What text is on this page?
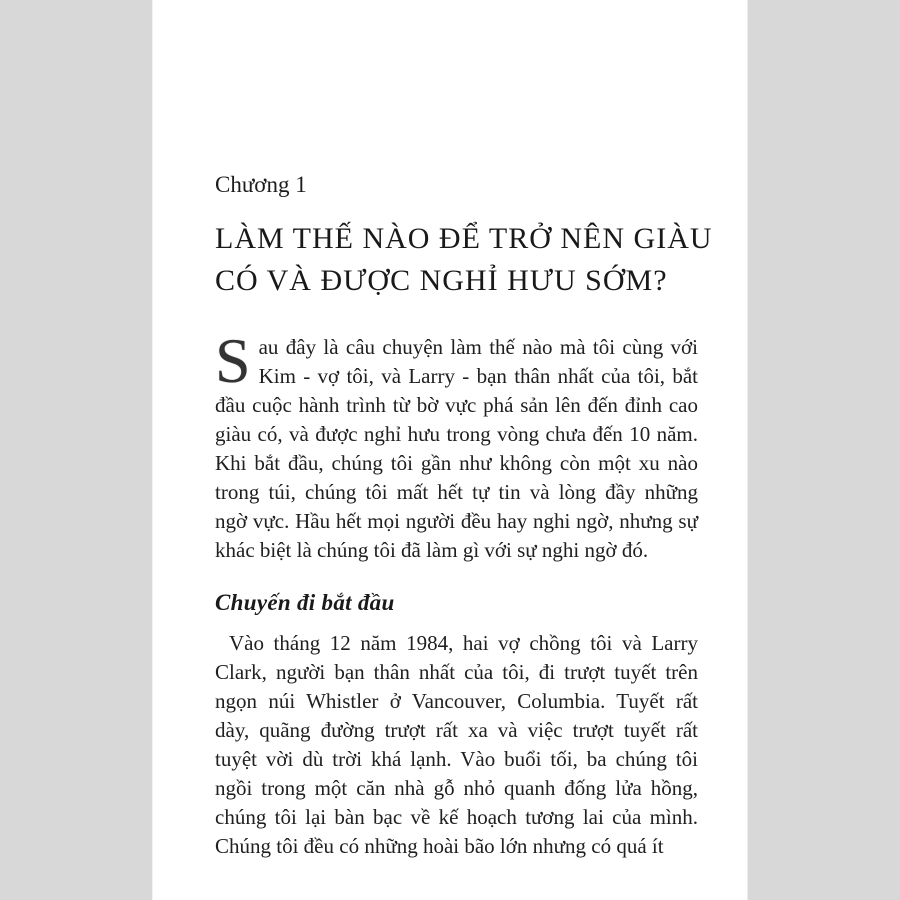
Chương 1
LÀM THẾ NÀO ĐỂ TRỞ NÊN GIÀU
CÓ VÀ ĐƯỢC NGHỈ HƯU SỚM?
S au đây là câu chuyện làm thế nào mà tôi cùng với
Kim - vợ tôi, và Larry - bạn thân nhất của tôi, bắt
đầu cuộc hành trình từ bờ vực phá sản lên đến đỉnh cao
giàu có, và được nghỉ hưu trong vòng chưa đến 10 năm.
Khi bắt đầu, chúng tôi gần như không còn một xu nào
trong túi, chúng tôi mất hết tự tin và lòng đầy những
ngờ vực. Hầu hết mọi người đều hay nghi ngờ, nhưng sự
khác biệt là chúng tôi đã làm gì với sự nghi ngờ đó.
Chuyến đi bắt đầu
Vào tháng 12 năm 1984, hai vợ chồng tôi và Larry
Clark, người bạn thân nhất của tôi, đi trượt tuyết trên
ngọn núi Whistler ở Vancouver, Columbia. Tuyết rất
dày, quãng đường trượt rất xa và việc trượt tuyết rất
tuyệt vời dù trời khá lạnh. Vào buổi tối, ba chúng tôi
ngồi trong một căn nhà gỗ nhỏ quanh đống lửa hồng,
chúng tôi lại bàn bạc về kế hoạch tương lai của mình.
Chúng tôi đều có những hoài bão lớn nhưng có quá ít
